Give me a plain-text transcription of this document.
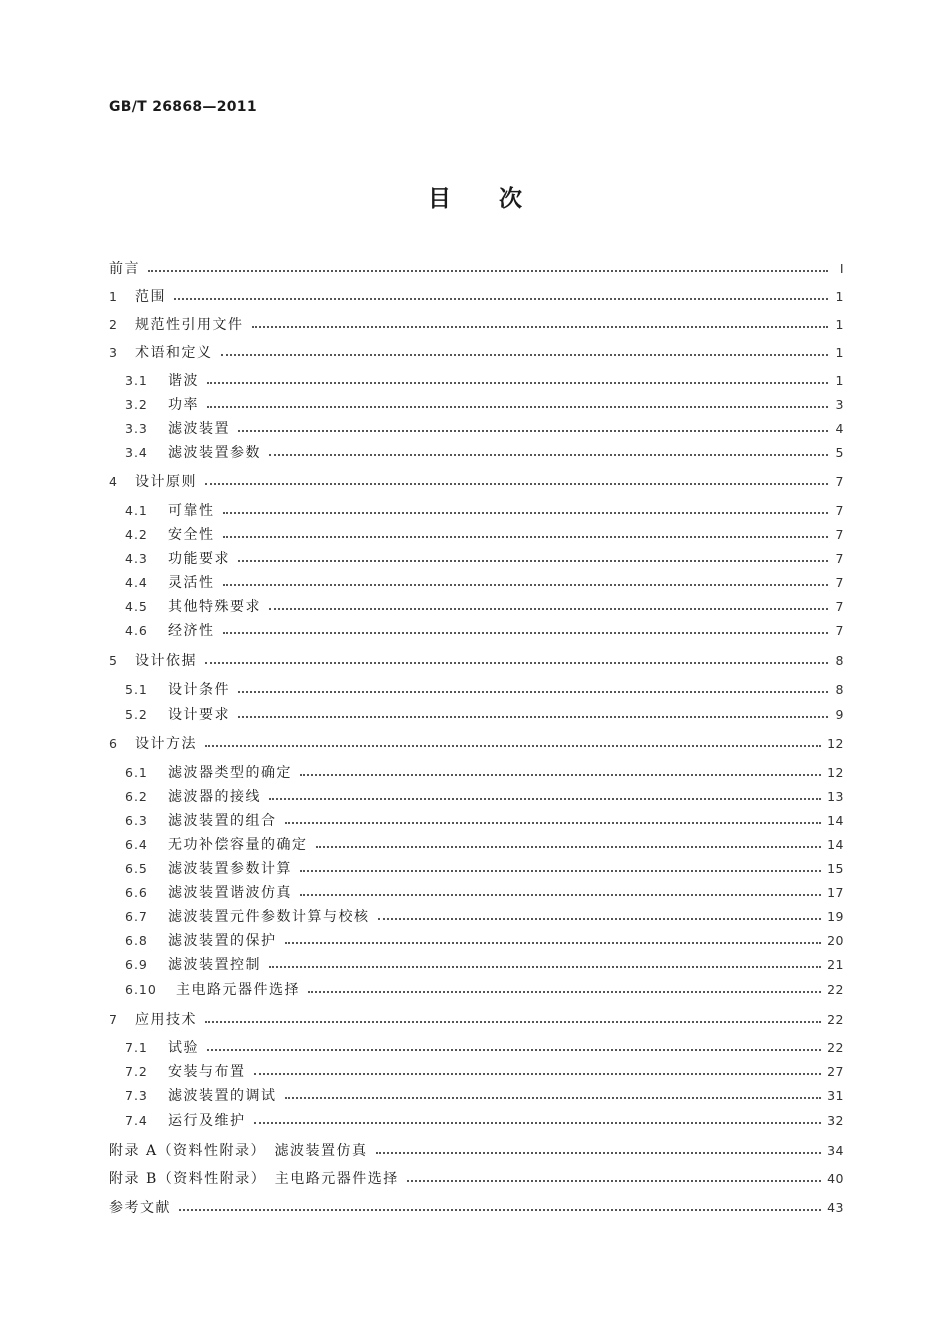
GB/T 26868—2011
目 次
前言	Ⅰ
1	范围	1
2	规范性引用文件	1
3	术语和定义	1
3.1	谐波	1
3.2	功率	3
3.3	滤波装置	4
3.4	滤波装置参数	5
4	设计原则	7
4.1	可靠性	7
4.2	安全性	7
4.3	功能要求	7
4.4	灵活性	7
4.5	其他特殊要求	7
4.6	经济性	7
5	设计依据	8
5.1	设计条件	8
5.2	设计要求	9
6	设计方法	12
6.1	滤波器类型的确定	12
6.2	滤波器的接线	13
6.3	滤波装置的组合	14
6.4	无功补偿容量的确定	14
6.5	滤波装置参数计算	15
6.6	滤波装置谐波仿真	17
6.7	滤波装置元件参数计算与校核	19
6.8	滤波装置的保护	20
6.9	滤波装置控制	21
6.10	主电路元器件选择	22
7	应用技术	22
7.1	试验	22
7.2	安装与布置	27
7.3	滤波装置的调试	31
7.4	运行及维护	32
附录 A（资料性附录）　滤波装置仿真	34
附录 B（资料性附录）　主电路元器件选择	40
参考文献	43
